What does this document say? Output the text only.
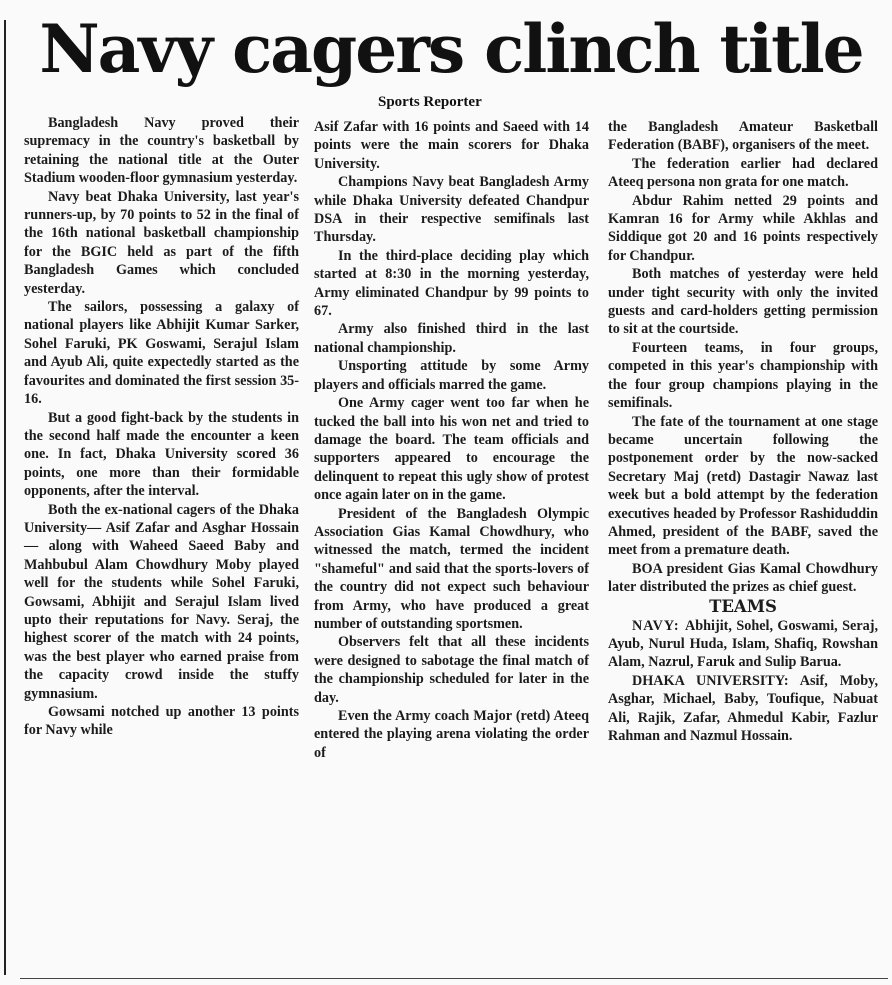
Navy cagers clinch title
Sports Reporter

Bangladesh Navy proved their supremacy in the country's basketball by retaining the national title at the Outer Stadium wooden-floor gymnasium yesterday.

Navy beat Dhaka University, last year's runners-up, by 70 points to 52 in the final of the 16th national basketball championship for the BGIC held as part of the fifth Bangladesh Games which concluded yesterday.

The sailors, possessing a galaxy of national players like Abhijit Kumar Sarker, Sohel Faruki, PK Goswami, Serajul Islam and Ayub Ali, quite expectedly started as the favourites and dominated the first session 35-16.

But a good fight-back by the students in the second half made the encounter a keen one. In fact, Dhaka University scored 36 points, one more than their formidable opponents, after the interval.

Both the ex-national cagers of the Dhaka University— Asif Zafar and Asghar Hossain — along with Waheed Saeed Baby and Mahbubul Alam Chowdhury Moby played well for the students while Sohel Faruki, Gowsami, Abhijit and Serajul Islam lived upto their reputations for Navy. Seraj, the highest scorer of the match with 24 points, was the best player who earned praise from the capacity crowd inside the stuffy gymnasium.

Gowsami notched up another 13 points for Navy while

Asif Zafar with 16 points and Saeed with 14 points were the main scorers for Dhaka University.

Champions Navy beat Bangladesh Army while Dhaka University defeated Chandpur DSA in their respective semifinals last Thursday.

In the third-place deciding play which started at 8:30 in the morning yesterday, Army eliminated Chandpur by 99 points to 67.

Army also finished third in the last national championship.

Unsporting attitude by some Army players and officials marred the game.

One Army cager went too far when he tucked the ball into his won net and tried to damage the board. The team officials and supporters appeared to encourage the delinquent to repeat this ugly show of protest once again later on in the game.

President of the Bangladesh Olympic Association Gias Kamal Chowdhury, who witnessed the match, termed the incident "shameful" and said that the sports-lovers of the country did not expect such behaviour from Army, who have produced a great number of outstanding sportsmen.

Observers felt that all these incidents were designed to sabotage the final match of the championship scheduled for later in the day.

Even the Army coach Major (retd) Ateeq entered the playing arena violating the order of

the Bangladesh Amateur Basketball Federation (BABF), organisers of the meet.

The federation earlier had declared Ateeq persona non grata for one match.

Abdur Rahim netted 29 points and Kamran 16 for Army while Akhlas and Siddique got 20 and 16 points respectively for Chandpur.

Both matches of yesterday were held under tight security with only the invited guests and card-holders getting permission to sit at the courtside.

Fourteen teams, in four groups, competed in this year's championship with the four group champions playing in the semifinals.

The fate of the tournament at one stage became uncertain following the postponement order by the now-sacked Secretary Maj (retd) Dastagir Nawaz last week but a bold attempt by the federation executives headed by Professor Rashiduddin Ahmed, president of the BABF, saved the meet from a premature death.

BOA president Gias Kamal Chowdhury later distributed the prizes as chief guest.

TEAMS

NAVY: Abhijit, Sohel, Goswami, Seraj, Ayub, Nurul Huda, Islam, Shafiq, Rowshan Alam, Nazrul, Faruk and Sulip Barua.

DHAKA UNIVERSITY: Asif, Moby, Asghar, Michael, Baby, Toufique, Nabuat Ali, Rajik, Zafar, Ahmedul Kabir, Fazlur Rahman and Nazmul Hossain.
